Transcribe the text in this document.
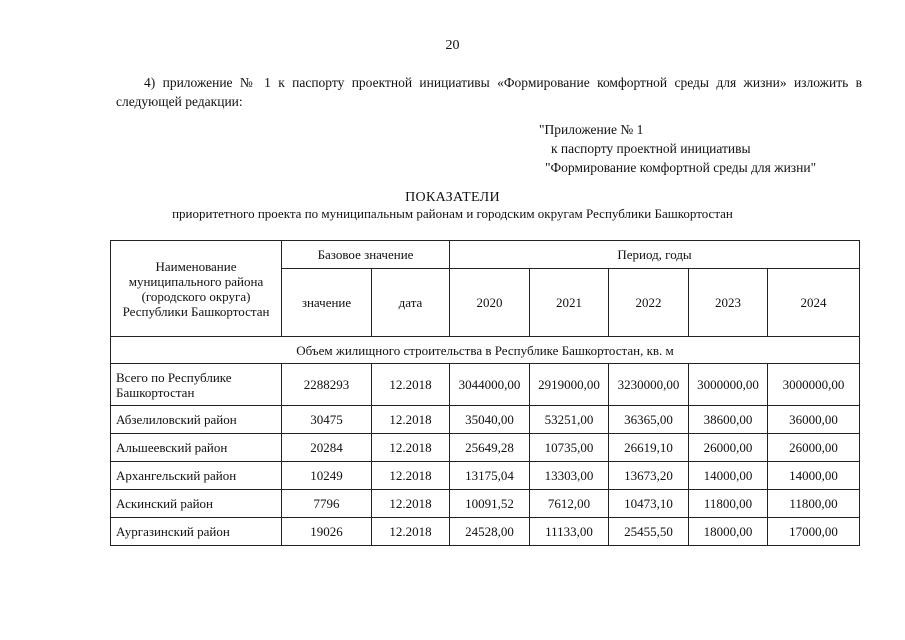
20

4) приложение № 1 к паспорту проектной инициативы «Формирование комфортной среды для жизни» изложить в следующей редакции:

"Приложение № 1
к паспорту проектной инициативы
"Формирование комфортной среды для жизни"
ПОКАЗАТЕЛИ
приоритетного проекта по муниципальным районам и городским округам Республики Башкортостан
Наименование муниципального района (городского округа) Республики Башкортостан	Базовое значение		Период, годы				
	значение	дата	2020	2021	2022	2023	2024
Объем жилищного строительства в Республике Башкортостан, кв. м							
Всего по Республике Башкортостан	2288293	12.2018	3044000,00	2919000,00	3230000,00	3000000,00	3000000,00
Абзелиловский район	30475	12.2018	35040,00	53251,00	36365,00	38600,00	36000,00
Альшеевский район	20284	12.2018	25649,28	10735,00	26619,10	26000,00	26000,00
Архангельский район	10249	12.2018	13175,04	13303,00	13673,20	14000,00	14000,00
Аскинский район	7796	12.2018	10091,52	7612,00	10473,10	11800,00	11800,00
Аургазинский район	19026	12.2018	24528,00	11133,00	25455,50	18000,00	17000,00
